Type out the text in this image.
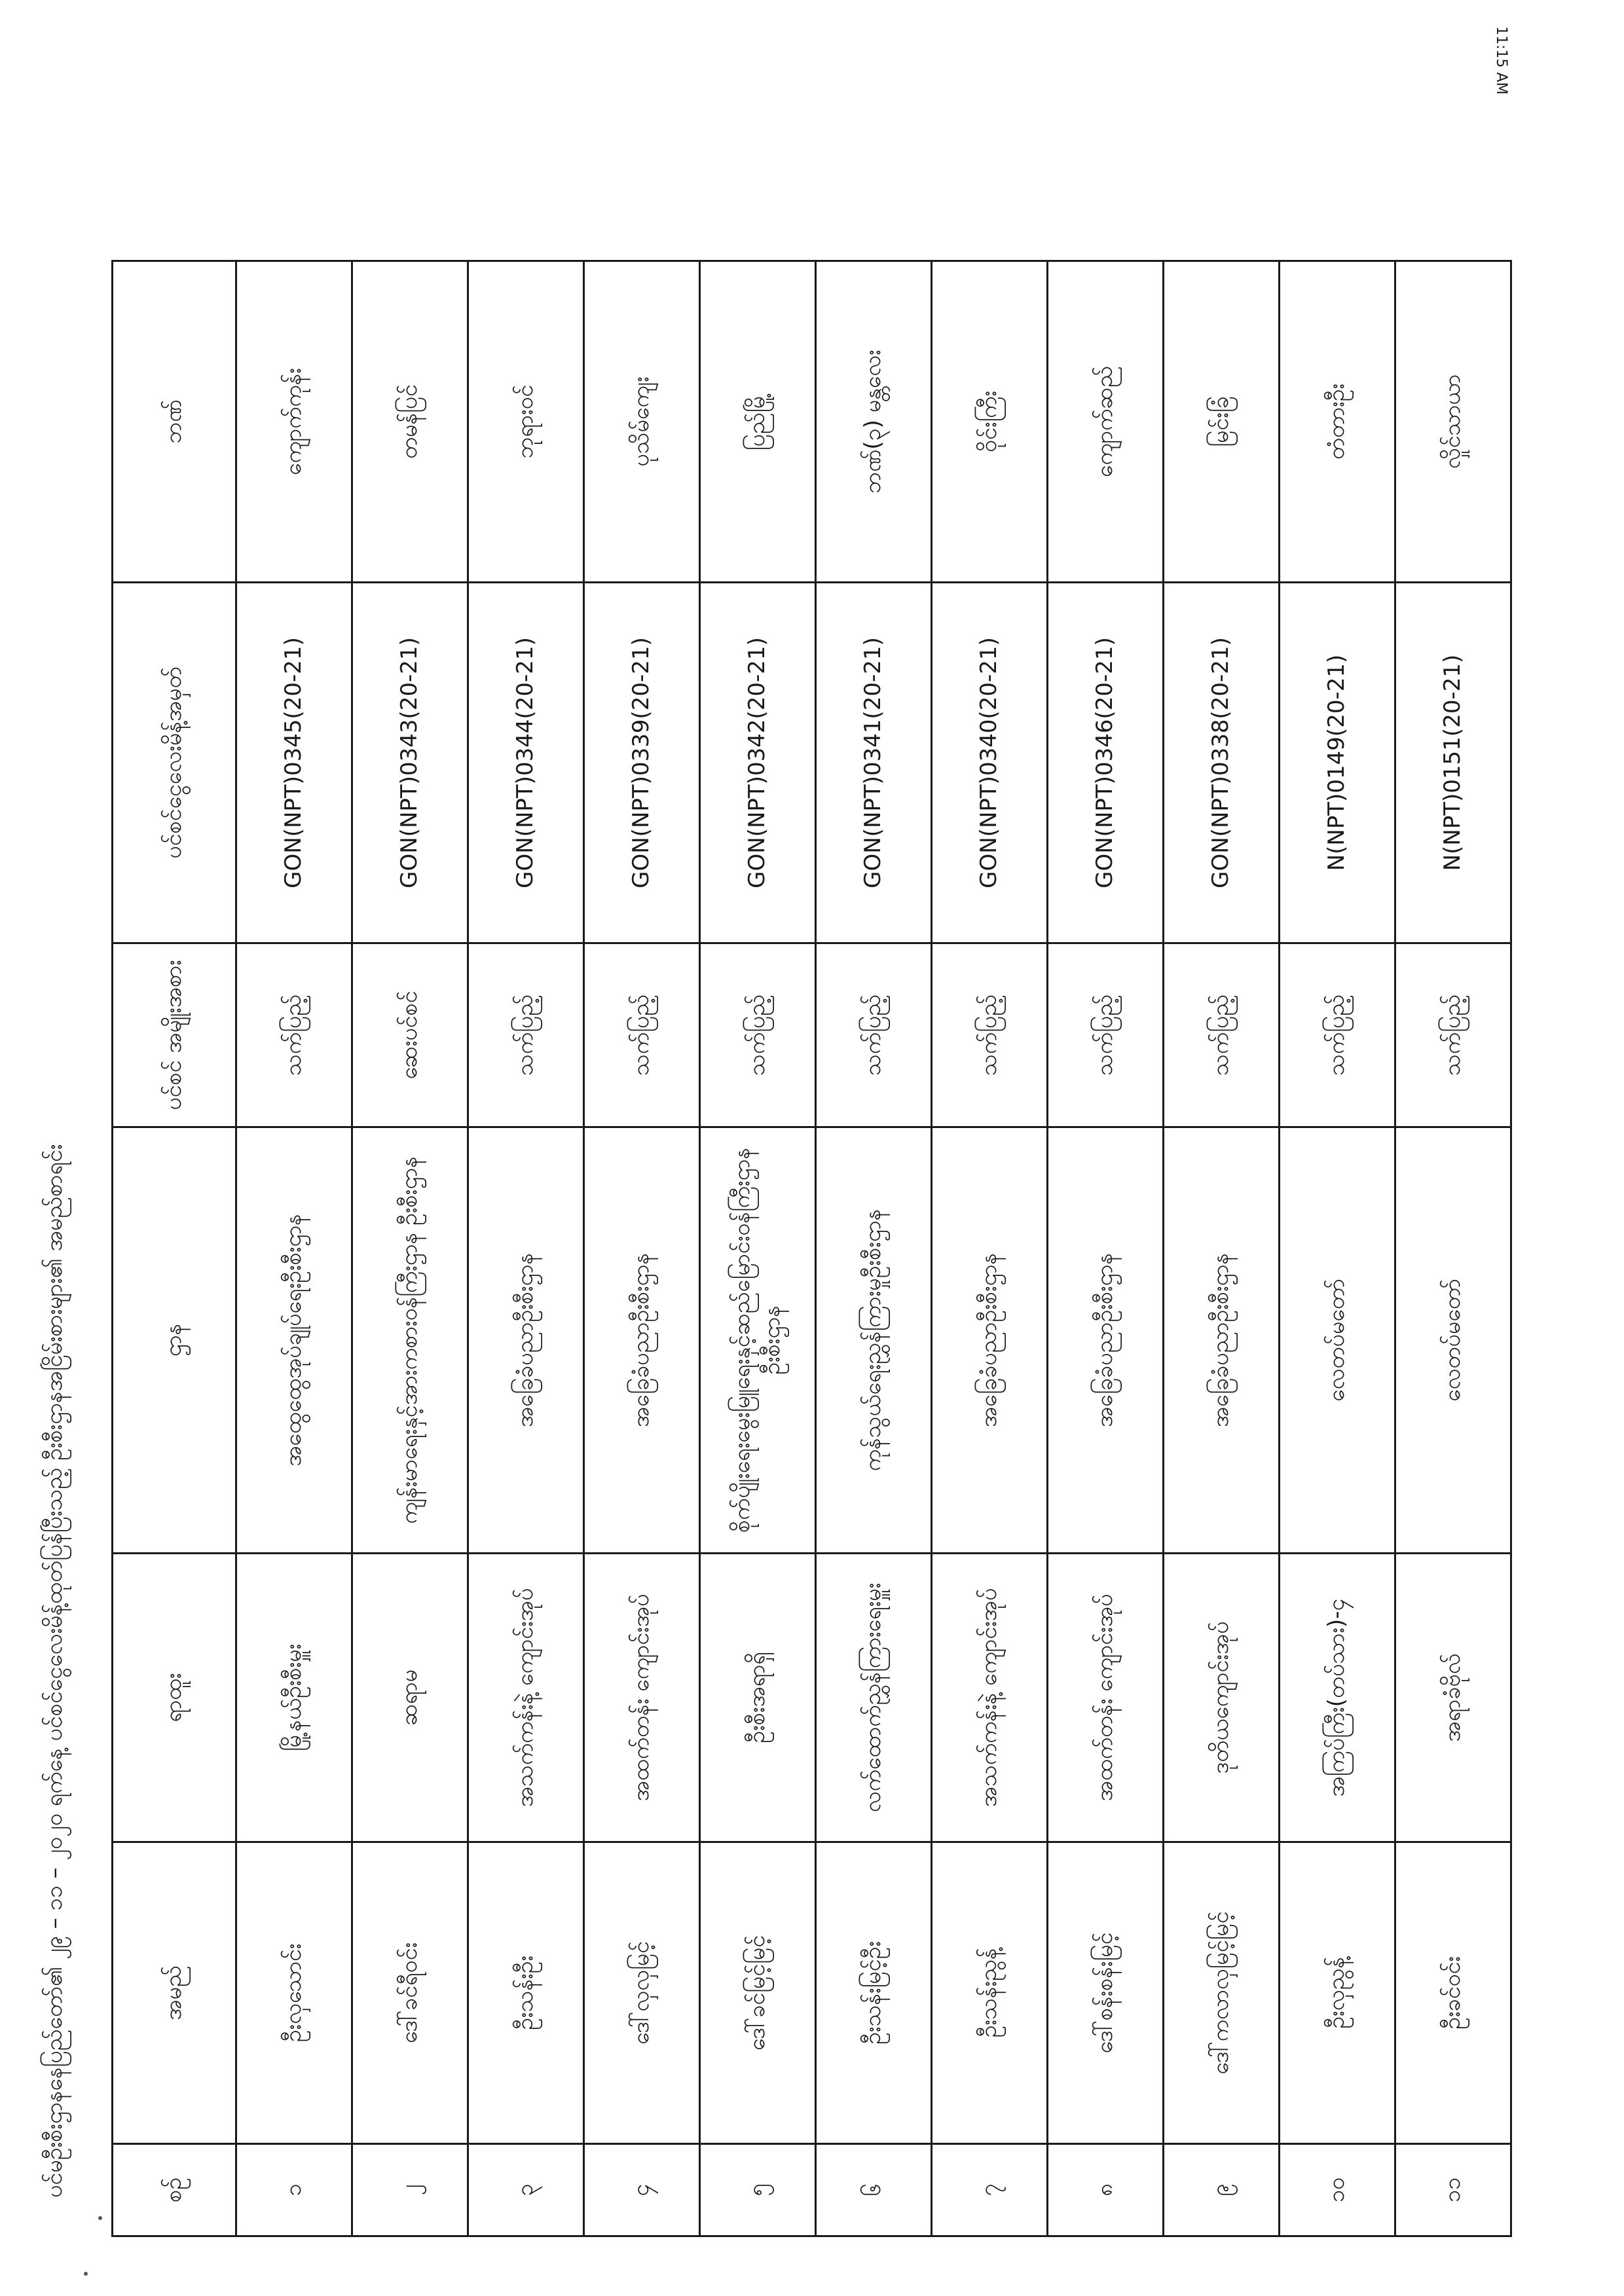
11:15 AM
ပင်မဦးစီးဌာနနေပြည်တော်၏ ၂၉ – ၁၁ – ၂၀၂၀ ရက်နေ့ ပင်စင်ငွေလေးမိန့်ထုတ်ပြန်ပြီးသည့် ဦးစီးဌာနအငြိမ်းစားများ၏ အမည်စာရင်း	စဉ်	အမည်	ရာထူး	ဌာန	ပင်စင် အမျိုးအစား	ပင်စင်ငွေလေးမိန့်အမှတ်	ဘဏ်
၁	ဦးလှသောင်း	မြို့နယ်ဦးစီးမှူး	အထွေထွေအုပ်ချုပ်ရေးဦးစီးဌာန	သက်ပြည့်	GON(NPT)0345(20-21)	ကျောက်ကုန်း
၂	ဒေါ်ခင်ရီဝင်း	ဆရာမ	ကျန်းမာရေးနှင့်အားကစားဝန်ကြီးဌာန ဦးစီးဌာန	ဆေးပင်စင်	GON(NPT)0343(20-21)	တမန်ပြင်
၃	ဦးသန်းဦး	အသက်ကန်းနဲ့ ကျောင်းအုပ်	အခြေခံပညာဦးစီးဌာန	သက်ပြည့်	GON(NPT)0344(20-21)	ဘုရားဝင်
၄	ဒေါ်လှလှမြင့်	အထက်တန်း ကျောင်းအုပ်	အခြေခံပညာဦးစီးဌာန	သက်ပြည့်	GON(NPT)0339(20-21)	ပုသိမ်ကျေး
၅	ဒေါ်ခင်မြင့်မြင့်	ဦးစီးအရာရှိ	စိုက်ပျိုးရေးမွေးမြူရေးနှင့်ဆည်မြောင်းဝန်ကြီးဌာန ဦးစီးဌာန	သက်ပြည့်	GON(NPT)0342(20-21)	ပြည်မြို့
၆	ဦးသန်းမြင့်ဦး	လက်ထောက်ညွှန်ကြားရေးမှူး	ကုန်သွယ်ရေးညွှန်ကြားမှုဦးစီးဌာန	သက်ပြည့်	GON(NPT)0341(20-21)	ဘဏ်(၃) မန္တလေး
၇	ဦးသန်းညွန့်	အသက်ကန်းနဲ့ ကျောင်းအုပ်	အခြေခံပညာဦးစီးဌာန	သက်ပြည့်	GON(NPT)0340(20-21)	ဝိုင်းကြီး
၈	ဒေါ်စန်းစန်းမြင့်	အထက်တန်း ကျောင်းအုပ်	အခြေခံပညာဦးစီးဌာန	သက်ပြည့်	GON(NPT)0346(20-21)	ကျောက်ဆည်
၉	ဒေါ်ကလာလှမြင့်မြင့်	ဒုတိယကျောင်းအုပ်	အခြေခံပညာဦးစီးဌာန	သက်ပြည့်	GON(NPT)0338(20-21)	မြင်းခြံ
၁၀	ဦးလှညွန့်	အကြပ်ကြီး(တပ်သား)-၄	လေတပ်မတော်	သက်ပြည့်	N(NPT)0149(20-21)	တံတားဦး
၁၁	ဦးခင်ဝင်း	အရာခံဗိုလ်	လေတပ်မတော်	သက်ပြည့်	N(NPT)0151(20-21)	လှိုင်သာယာ
